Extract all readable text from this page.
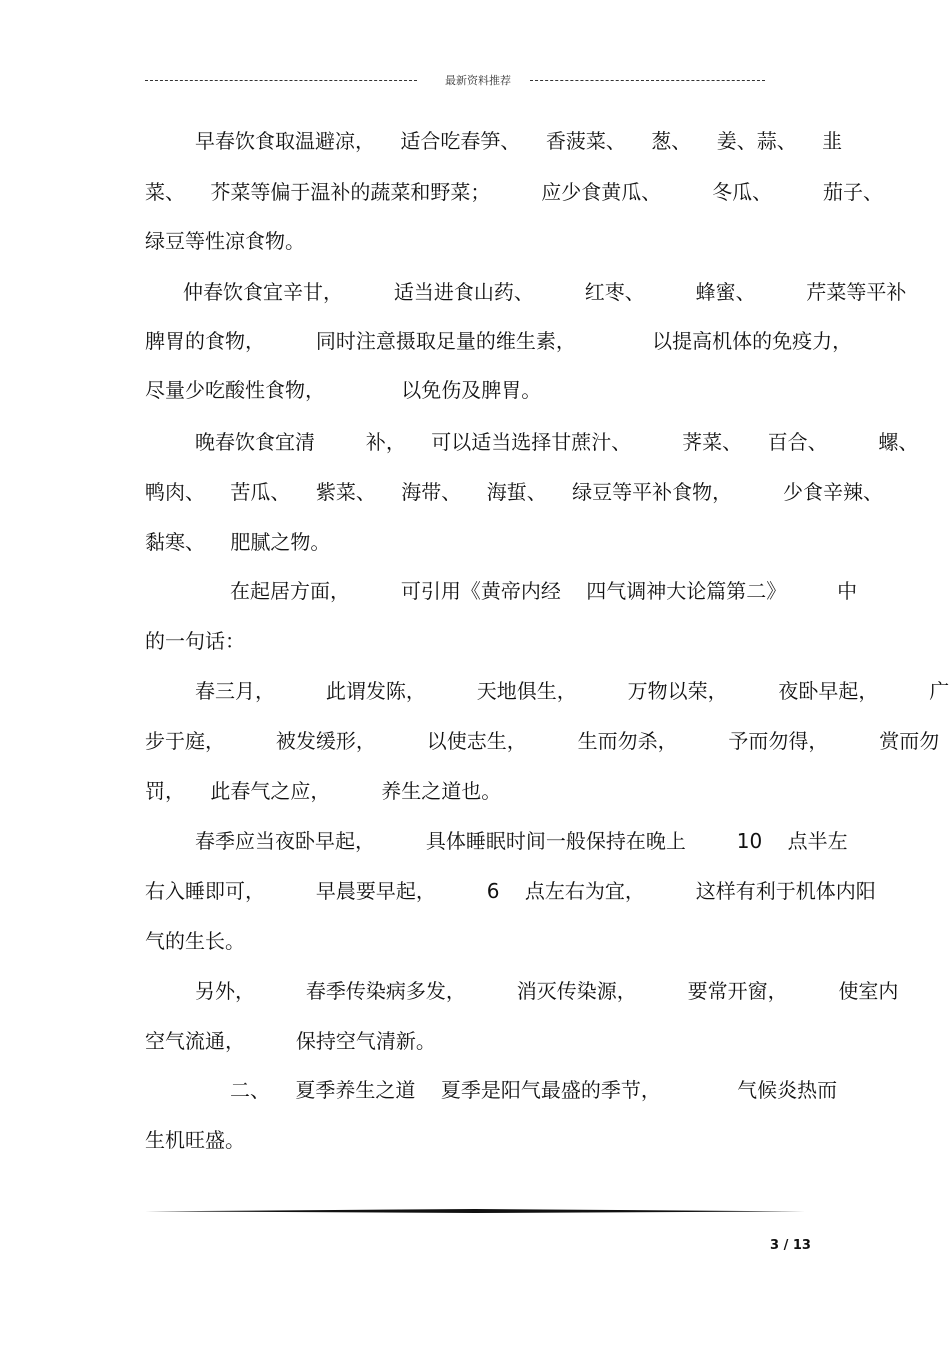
最新资料推荐
早春饮食取温避凉，    适合吃春笋、    香菠菜、    葱、    姜、蒜、    韭
菜、    芥菜等偏于温补的蔬菜和野菜；        应少食黄瓜、        冬瓜、        茄子、
绿豆等性凉食物。
仲春饮食宜辛甘，        适当进食山药、        红枣、        蜂蜜、        芹菜等平补
脾胃的食物，        同时注意摄取足量的维生素，            以提高机体的免疫力，
尽量少吃酸性食物，            以免伤及脾胃。
晚春饮食宜清        补，    可以适当选择甘蔗汁、        荠菜、    百合、        螺、
鸭肉、    苦瓜、    紫菜、    海带、    海蜇、    绿豆等平补食物，        少食辛辣、
黏寒、    肥腻之物。
在起居方面，        可引用《黄帝内经    四气调神大论篇第二》        中
的一句话：
春三月，        此谓发陈，        天地俱生，        万物以荣，        夜卧早起，        广
步于庭，        被发缓形，        以使志生，        生而勿杀，        予而勿得，        赏而勿
罚，    此春气之应，        养生之道也。
春季应当夜卧早起，        具体睡眠时间一般保持在晚上        10    点半左
右入睡即可，        早晨要早起，        6    点左右为宜，        这样有利于机体内阳
气的生长。
另外，        春季传染病多发，        消灭传染源，        要常开窗，        使室内
空气流通，        保持空气清新。
二、    夏季养生之道    夏季是阳气最盛的季节，            气候炎热而
生机旺盛。
3 / 13
